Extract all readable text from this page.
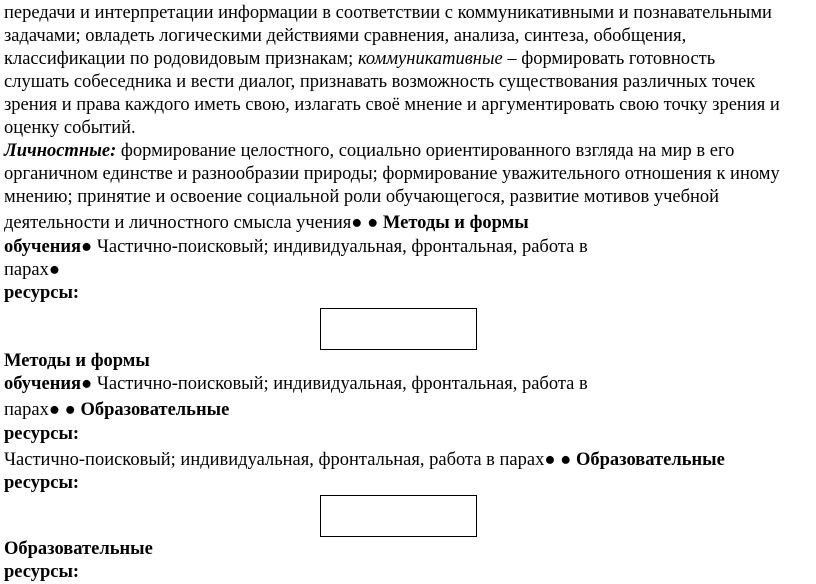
передачи и интерпретации информации в соответствии с коммуникативными и познавательными
задачами; овладеть логическими действиями сравнения, анализа, синтеза, обобщения,
классификации по родовидовым признакам; коммуникативные – формировать готовность
слушать собеседника и вести диалог, признавать возможность существования различных точек
зрения и права каждого иметь свою, излагать своё мнение и аргументировать свою точку зрения и
оценку событий.
Личностные: формирование целостного, социально ориентированного взгляда на мир в его
органичном единстве и разнообразии природы; формирование уважительного отношения к иному
мнению; принятие и освоение социальной роли обучающегося, развитие мотивов учебной
деятельности и личностного смысла учения● ● Методы и формы
обучения● Частично-поисковый; индивидуальная, фронтальная, работа в
парах●
ресурсы:
Методы и формы
обучения● Частично-поисковый; индивидуальная, фронтальная, работа в
парах● ● Образовательные
ресурсы:
Частично-поисковый; индивидуальная, фронтальная, работа в парах● ● Образовательные
ресурсы:
Образовательные
ресурсы:
